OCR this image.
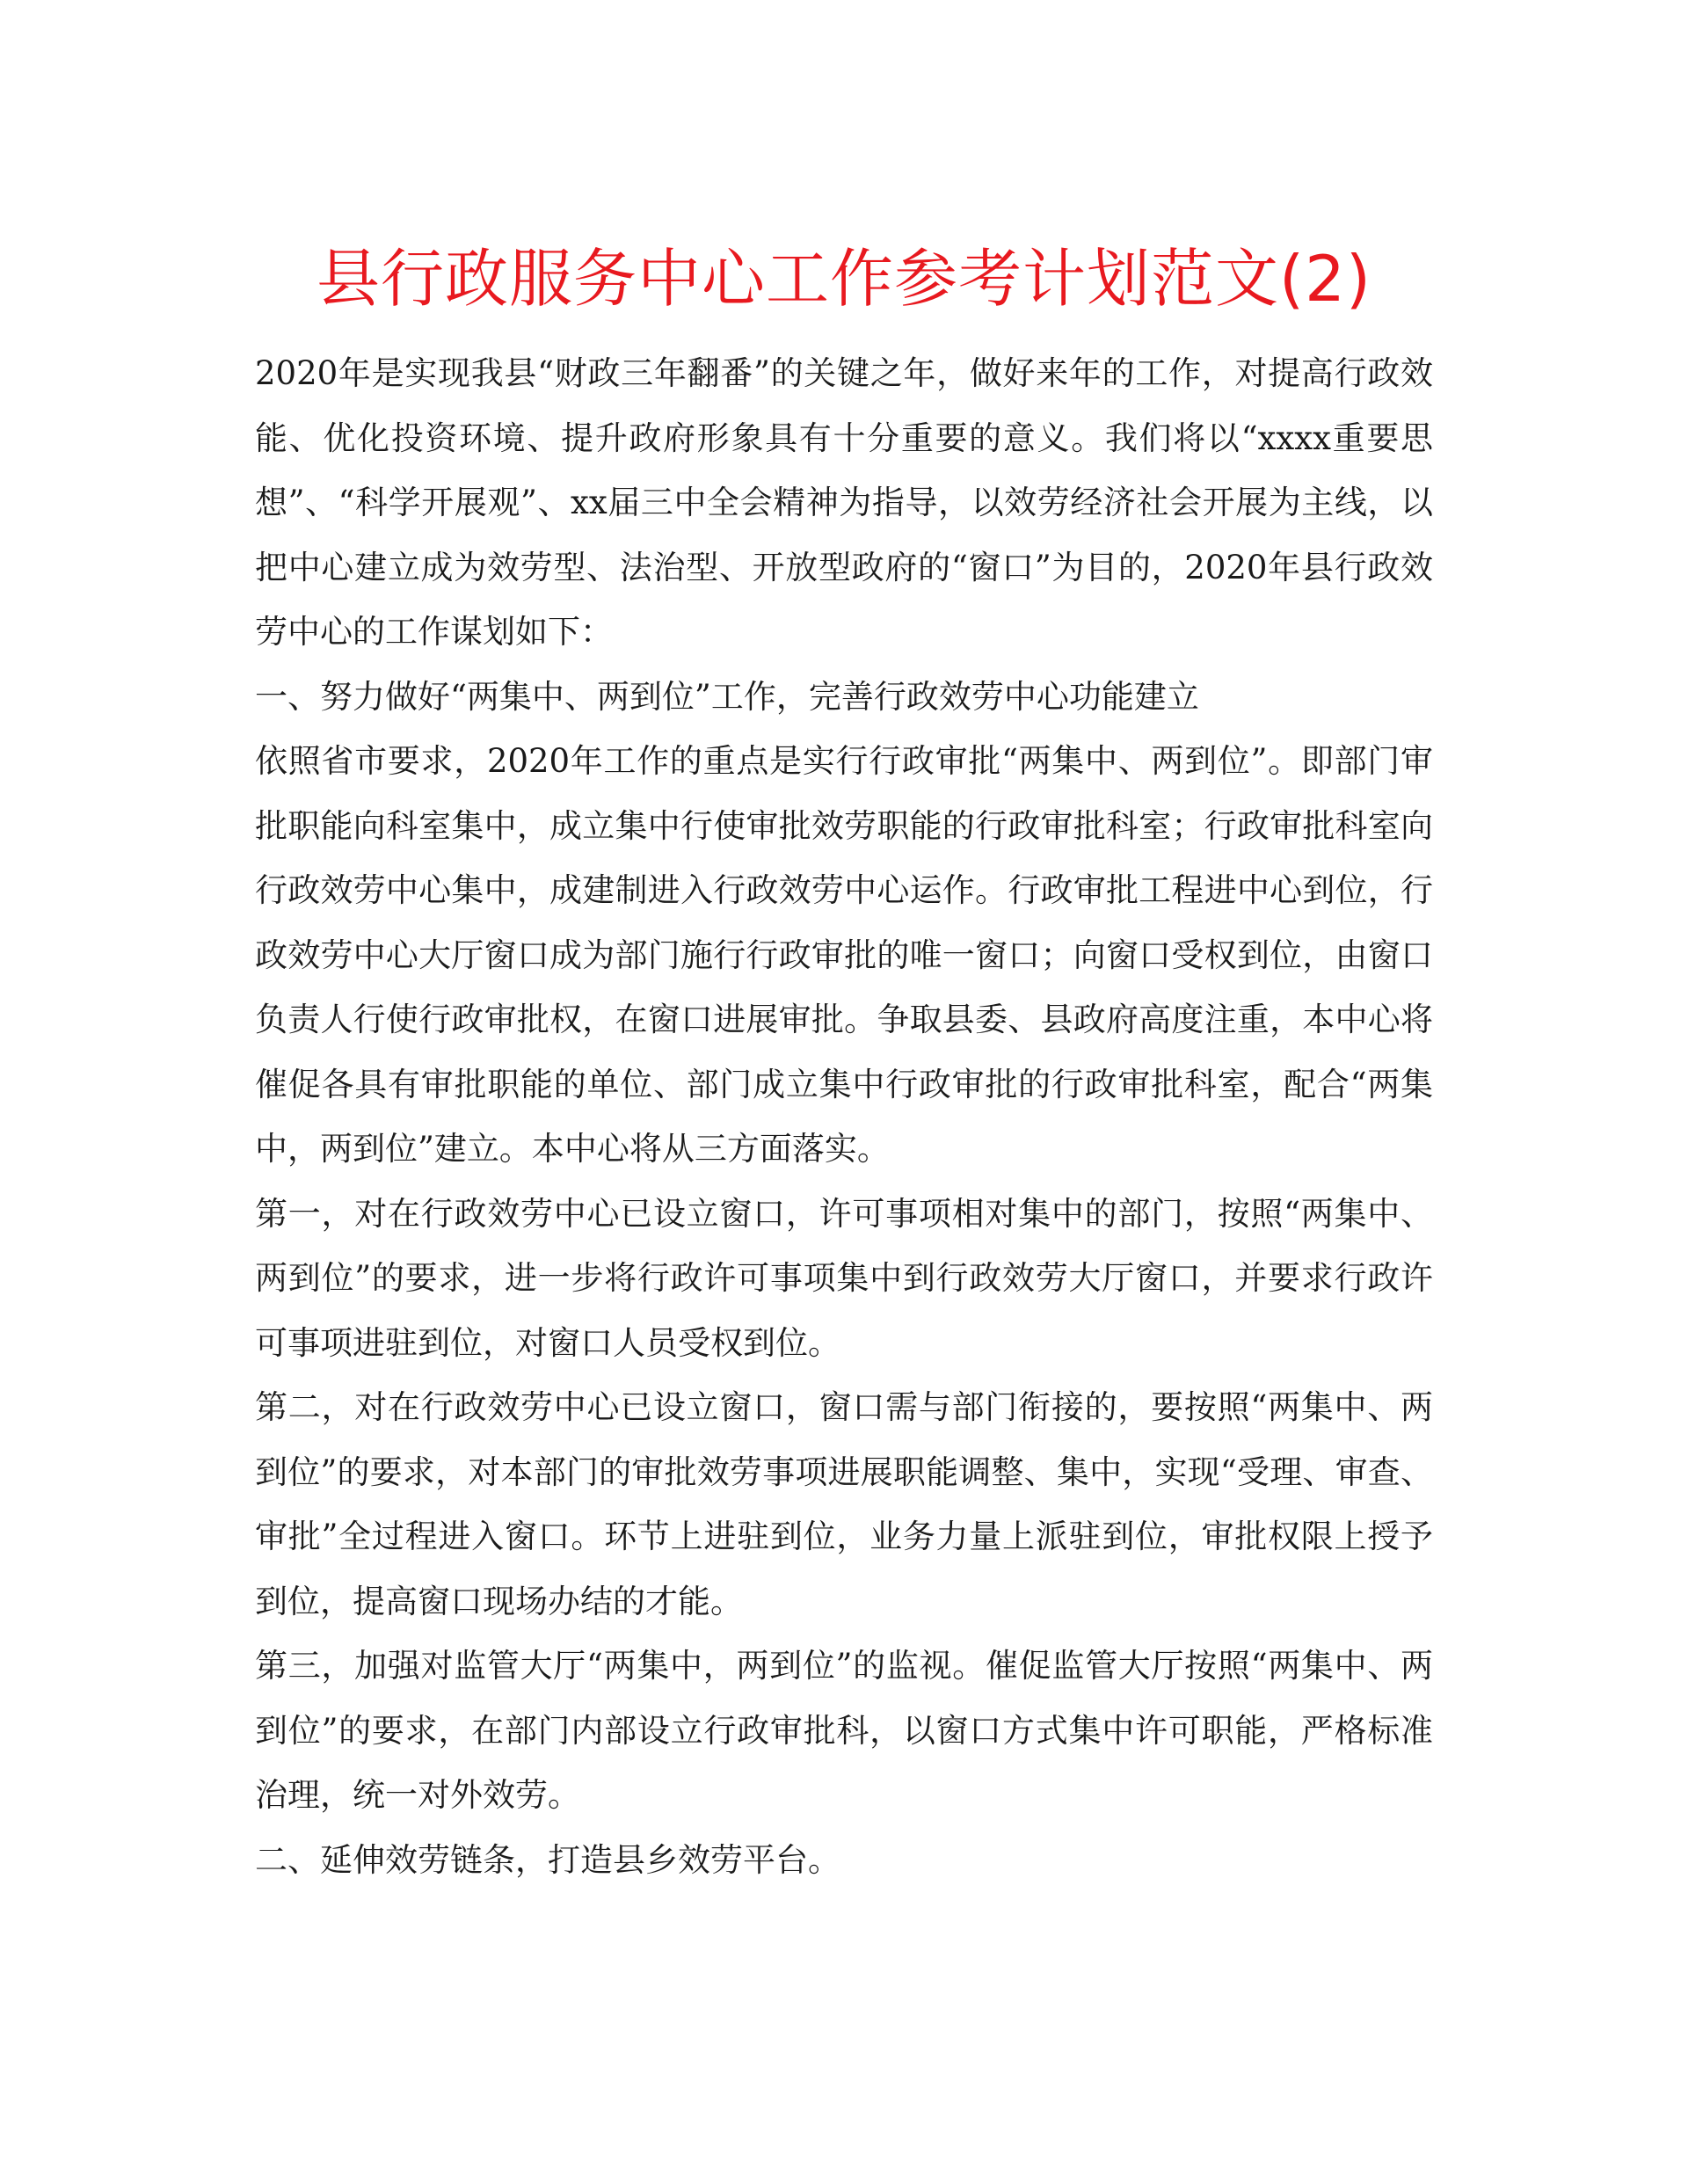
县行政服务中心工作参考计划范文(2)

2020年是实现我县“财政三年翻番”的关键之年，做好来年的工作，对提高行政效能、优化投资环境、提升政府形象具有十分重要的意义。我们将以“xxxx重要思想”、“科学开展观”、xx届三中全会精神为指导，以效劳经济社会开展为主线，以把中心建立成为效劳型、法治型、开放型政府的“窗口”为目的，2020年县行政效劳中心的工作谋划如下：

一、努力做好“两集中、两到位”工作，完善行政效劳中心功能建立

依照省市要求，2020年工作的重点是实行行政审批“两集中、两到位”。即部门审批职能向科室集中，成立集中行使审批效劳职能的行政审批科室；行政审批科室向行政效劳中心集中，成建制进入行政效劳中心运作。行政审批工程进中心到位，行政效劳中心大厅窗口成为部门施行行政审批的唯一窗口；向窗口受权到位，由窗口负责人行使行政审批权，在窗口进展审批。争取县委、县政府高度注重，本中心将催促各具有审批职能的单位、部门成立集中行政审批的行政审批科室，配合“两集中，两到位”建立。本中心将从三方面落实。

第一，对在行政效劳中心已设立窗口，许可事项相对集中的部门，按照“两集中、两到位”的要求，进一步将行政许可事项集中到行政效劳大厅窗口，并要求行政许可事项进驻到位，对窗口人员受权到位。

第二，对在行政效劳中心已设立窗口，窗口需与部门衔接的，要按照“两集中、两到位”的要求，对本部门的审批效劳事项进展职能调整、集中，实现“受理、审查、审批”全过程进入窗口。环节上进驻到位，业务力量上派驻到位，审批权限上授予到位，提高窗口现场办结的才能。

第三，加强对监管大厅“两集中，两到位”的监视。催促监管大厅按照“两集中、两到位”的要求，在部门内部设立行政审批科，以窗口方式集中许可职能，严格标准治理，统一对外效劳。

二、延伸效劳链条，打造县乡效劳平台。
